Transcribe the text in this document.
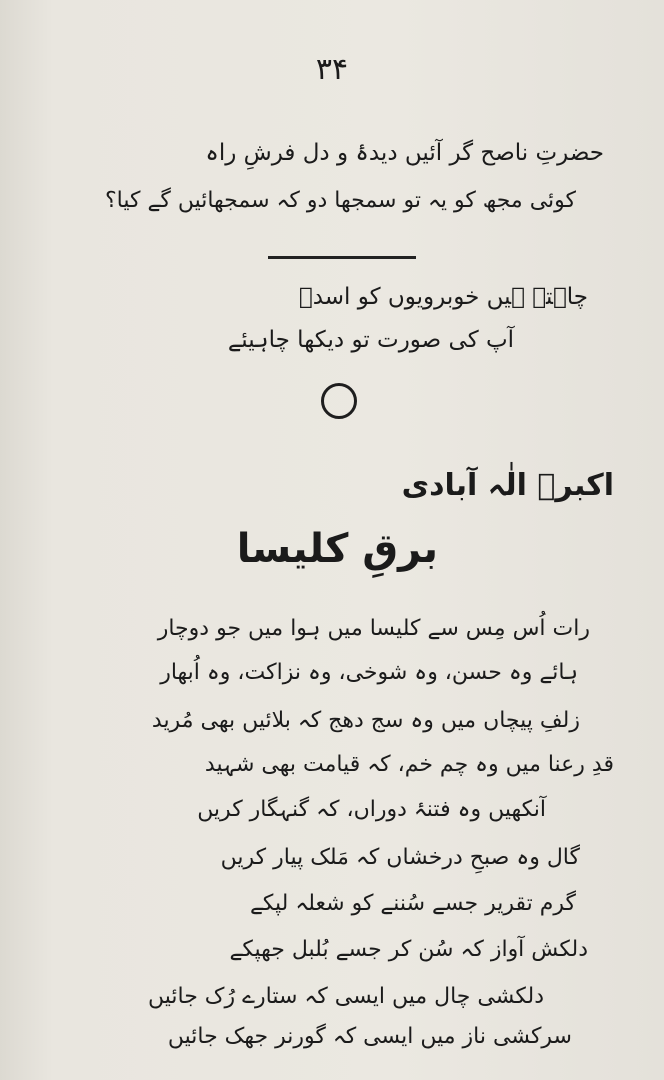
۳۴
حضرتِ ناصح گر آئیں دیدۂ و دل فرشِ راہ
کوئی مجھ کو یہ تو سمجھا دو کہ سمجھائیں گے کیا؟
چاہتے ہیں خوبرویوں کو اسدؔ
آپ کی صورت تو دیکھا چاہیئے
اکبرؔ الٰہ آبادی
برقِ کلیسا
رات اُس مِس سے کلیسا میں ہوا میں جو دوچار
ہائے وہ حسن، وہ شوخی، وہ نزاکت، وہ اُبھار
زلفِ پیچاں میں وہ سج دھج کہ بلائیں بھی مُرید
قدِ رعنا میں وہ چم خم، کہ قیامت بھی شہید
آنکھیں وہ فتنۂ دوراں، کہ گنہگار کریں
گال وہ صبحِ درخشاں کہ مَلک پیار کریں
گرم تقریر جسے سُننے کو شعلہ لپکے
دلکش آواز کہ سُن کر جسے بُلبل جھپکے
دلکشی چال میں ایسی کہ ستارے رُک جائیں
سرکشی ناز میں ایسی کہ گورنر جھک جائیں
